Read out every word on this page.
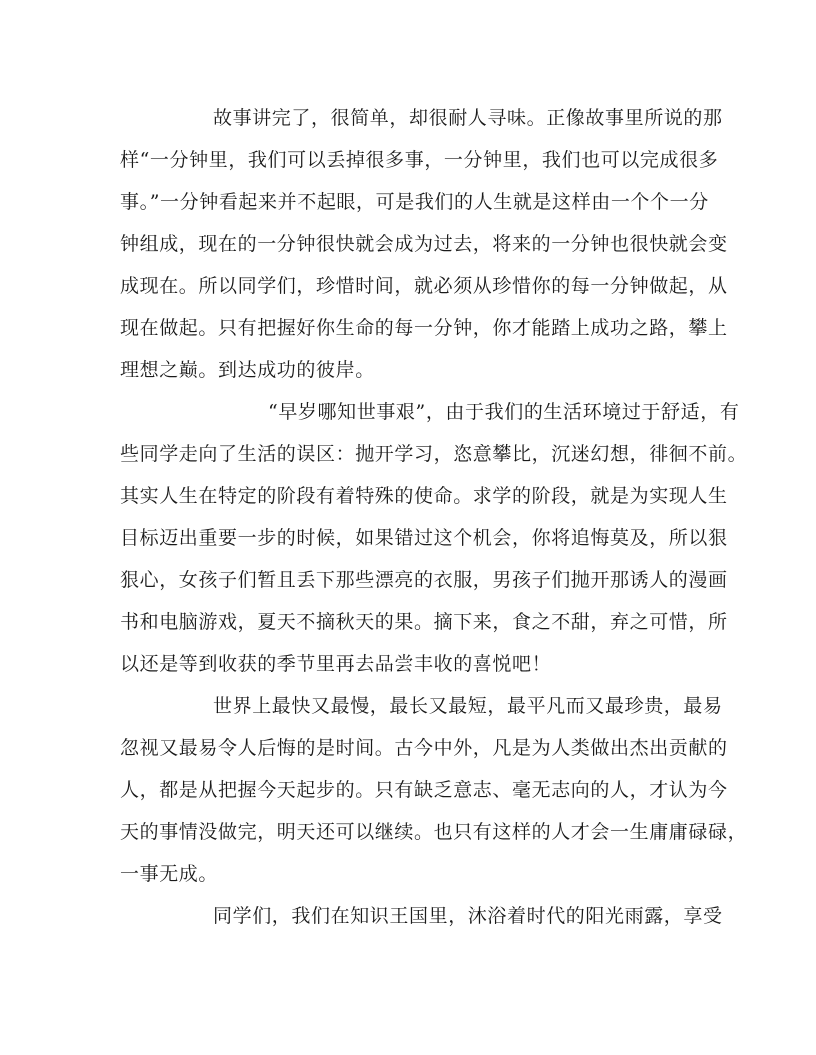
故事讲完了，很简单，却很耐人寻味。正像故事里所说的那
样“一分钟里，我们可以丢掉很多事，一分钟里，我们也可以完成很多
事。”一分钟看起来并不起眼，可是我们的人生就是这样由一个个一分
钟组成，现在的一分钟很快就会成为过去，将来的一分钟也很快就会变
成现在。所以同学们，珍惜时间，就必须从珍惜你的每一分钟做起，从
现在做起。只有把握好你生命的每一分钟，你才能踏上成功之路，攀上
理想之巅。到达成功的彼岸。
“早岁哪知世事艰”，由于我们的生活环境过于舒适，有
些同学走向了生活的误区：抛开学习，恣意攀比，沉迷幻想，徘徊不前。
其实人生在特定的阶段有着特殊的使命。求学的阶段，就是为实现人生
目标迈出重要一步的时候，如果错过这个机会，你将追悔莫及，所以狠
狠心，女孩子们暂且丢下那些漂亮的衣服，男孩子们抛开那诱人的漫画
书和电脑游戏，夏天不摘秋天的果。摘下来，食之不甜，弃之可惜，所
以还是等到收获的季节里再去品尝丰收的喜悦吧！
世界上最快又最慢，最长又最短，最平凡而又最珍贵，最易
忽视又最易令人后悔的是时间。古今中外，凡是为人类做出杰出贡献的
人，都是从把握今天起步的。只有缺乏意志、毫无志向的人，才认为今
天的事情没做完，明天还可以继续。也只有这样的人才会一生庸庸碌碌，
一事无成。
同学们，我们在知识王国里，沐浴着时代的阳光雨露，享受
